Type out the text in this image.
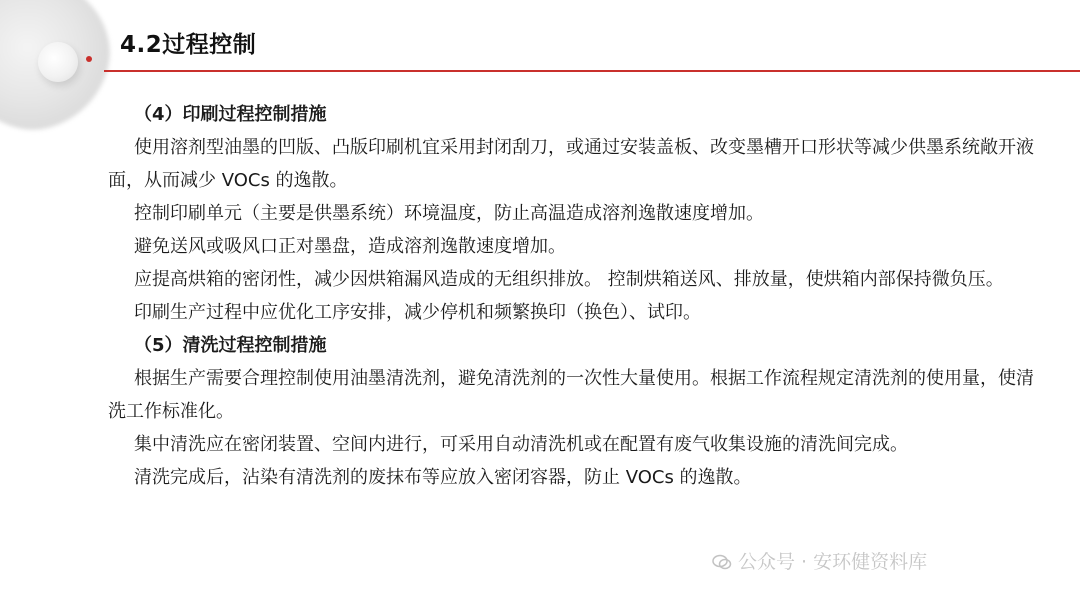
4.2过程控制

（4）印刷过程控制措施

使用溶剂型油墨的凹版、凸版印刷机宜采用封闭刮刀，或通过安装盖板、改变墨槽开口形状等减少供墨系统敞开液面，从而减少 VOCs 的逸散。

控制印刷单元（主要是供墨系统）环境温度，防止高温造成溶剂逸散速度增加。

避免送风或吸风口正对墨盘，造成溶剂逸散速度增加。

应提高烘箱的密闭性，减少因烘箱漏风造成的无组织排放。 控制烘箱送风、排放量，使烘箱内部保持微负压。

印刷生产过程中应优化工序安排，减少停机和频繁换印（换色）、试印。

（5）清洗过程控制措施

根据生产需要合理控制使用油墨清洗剂，避免清洗剂的一次性大量使用。根据工作流程规定清洗剂的使用量，使清洗工作标准化。

集中清洗应在密闭装置、空间内进行，可采用自动清洗机或在配置有废气收集设施的清洗间完成。

清洗完成后，沾染有清洗剂的废抹布等应放入密闭容器，防止 VOCs 的逸散。

公众号 · 安环健资料库
